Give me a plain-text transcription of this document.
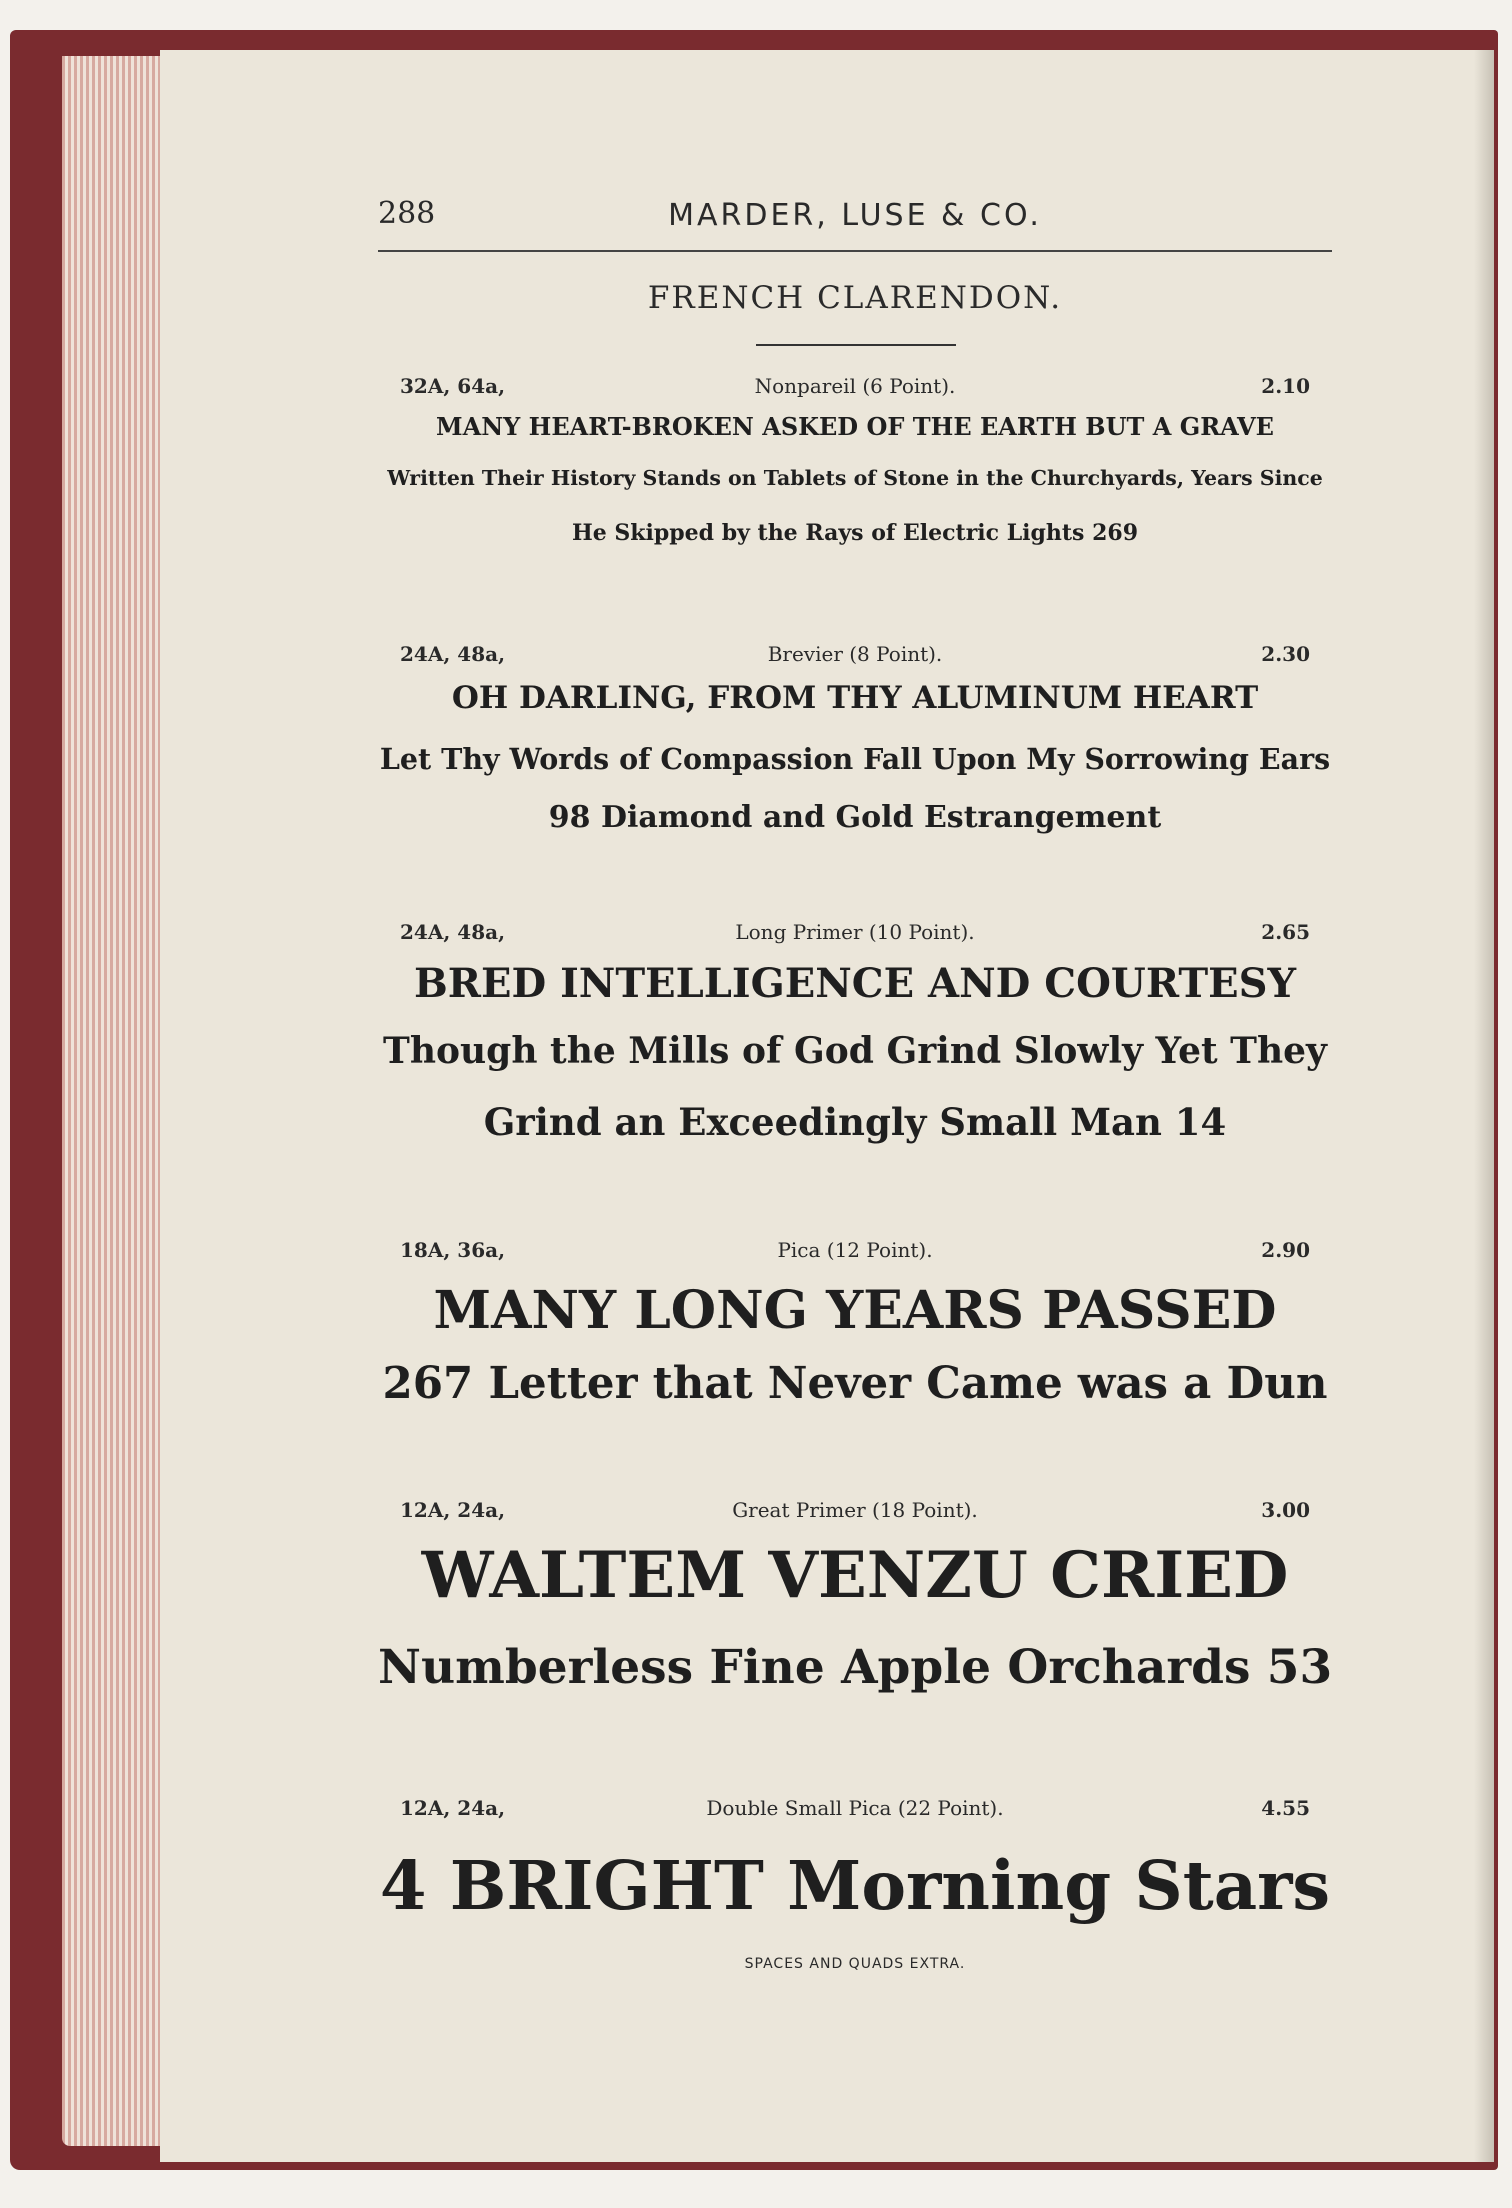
288	MARDER, LUSE & CO.
FRENCH CLARENDON.
32A, 64a,	Nonpareil (6 Point).	2.10
MANY HEART-BROKEN ASKED OF THE EARTH BUT A GRAVE
Written Their History Stands on Tablets of Stone in the Churchyards, Years Since
He Skipped by the Rays of Electric Lights 269
24A, 48a,	Brevier (8 Point).	2.30
OH DARLING, FROM THY ALUMINUM HEART
Let Thy Words of Compassion Fall Upon My Sorrowing Ears
98 Diamond and Gold Estrangement
24A, 48a,	Long Primer (10 Point).	2.65
BRED INTELLIGENCE AND COURTESY
Though the Mills of God Grind Slowly Yet They
Grind an Exceedingly Small Man 14
18A, 36a,	Pica (12 Point).	2.90
MANY LONG YEARS PASSED
267 Letter that Never Came was a Dun
12A, 24a,	Great Primer (18 Point).	3.00
WALTEM VENZU CRIED
Numberless Fine Apple Orchards 53
12A, 24a,	Double Small Pica (22 Point).	4.55
4 BRIGHT Morning Stars
SPACES AND QUADS EXTRA.
